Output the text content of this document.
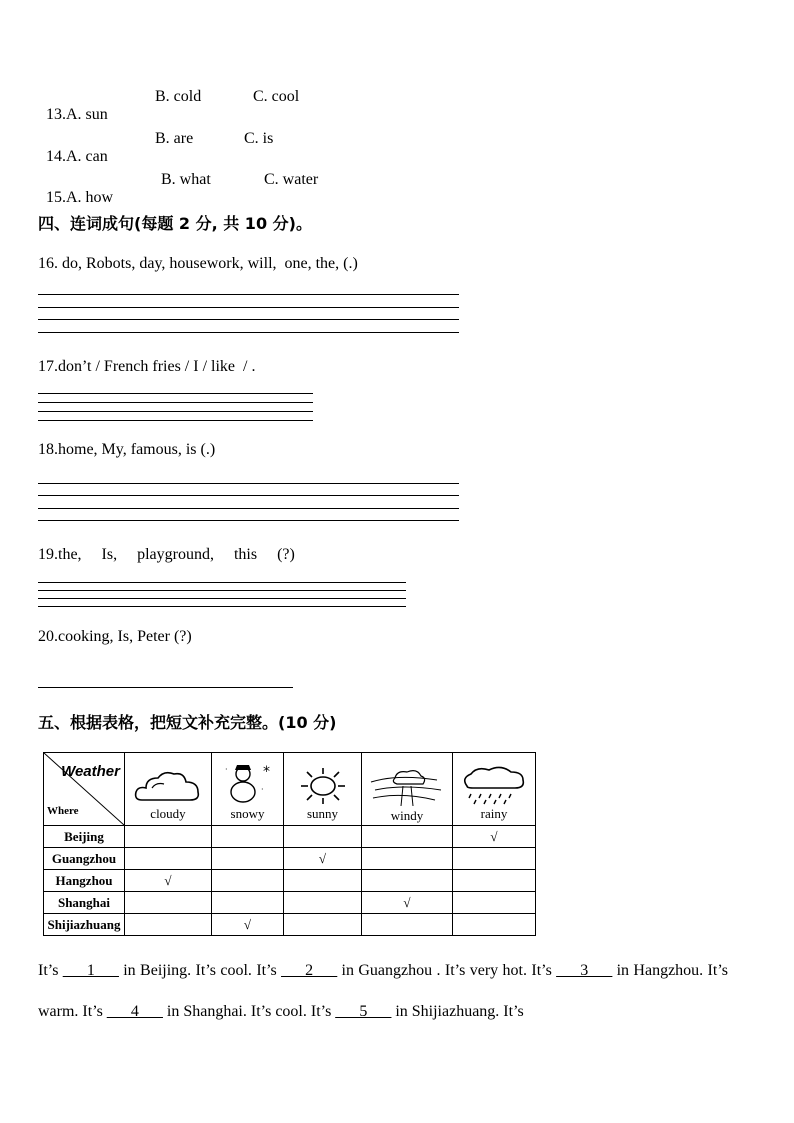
13.A. sun

B. cold	C. cool

14.A. can

B. are	C. is

15.A. how

B. what	C. water
四、连词成句(每题 2 分, 共 10 分)。
16. do, Robots, day, housework, will,  one, the, (.)
17.don’t / French fries / I / like  / .
18.home, My, famous, is (.)
19.the,     Is,     playground,     this     (?)
20.cooking, Is, Peter (?)
五、根据表格，把短文补充完整。(10 分)
Weather
Where	cloudy	*
·
·
snowy	sunny	windy	rainy

Beijing					√
Guangzhou			√		
Hangzhou	√				
Shanghai				√	
Shijiazhuang		√			
It’s ___1___ in Beijing. It’s cool. It’s ___2___ in Guangzhou . It’s very hot. It’s ___3___ in Hangzhou. It’s warm. It’s ___4___ in Shanghai. It’s cool. It’s ___5___ in Shijiazhuang. It’s
